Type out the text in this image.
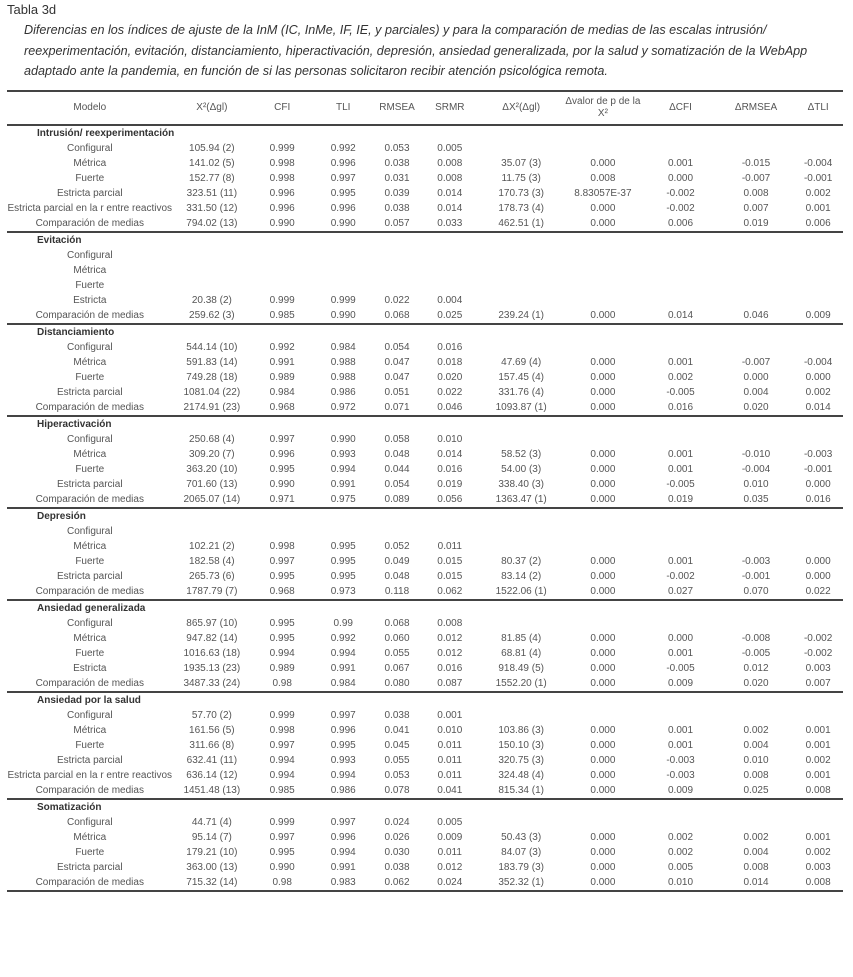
Tabla 3d
Diferencias en los índices de ajuste de la InM (IC, InMe, IF, IE, y parciales) y para la comparación de medias de las escalas intrusión/ reexperimentación, evitación, distanciamiento, hiperactivación, depresión, ansiedad generalizada, por la salud y somatización de la WebApp adaptado ante la pandemia, en función de si las personas solicitaron recibir atención psicológica remota.
Modelo	X²(Δgl)	CFI	TLI	RMSEA	SRMR	ΔX²(Δgl)	Δvalor de p de la X²	ΔCFI	ΔRMSEA	ΔTLI
Intrusión/ reexperimentación										
Configural	105.94 (2)	0.999	0.992	0.053	0.005					
Métrica	141.02 (5)	0.998	0.996	0.038	0.008	35.07 (3)	0.000	0.001	-0.015	-0.004
Fuerte	152.77 (8)	0.998	0.997	0.031	0.008	11.75 (3)	0.008	0.000	-0.007	-0.001
Estricta parcial	323.51 (11)	0.996	0.995	0.039	0.014	170.73 (3)	8.83057E-37	-0.002	0.008	0.002
Estricta parcial en la r entre reactivos	331.50 (12)	0.996	0.996	0.038	0.014	178.73 (4)	0.000	-0.002	0.007	0.001
Comparación de medias	794.02 (13)	0.990	0.990	0.057	0.033	462.51 (1)	0.000	0.006	0.019	0.006
Evitación										
Configural										
Métrica										
Fuerte										
Estricta	20.38 (2)	0.999	0.999	0.022	0.004					
Comparación de medias	259.62 (3)	0.985	0.990	0.068	0.025	239.24 (1)	0.000	0.014	0.046	0.009
Distanciamiento										
Configural	544.14 (10)	0.992	0.984	0.054	0.016					
Métrica	591.83 (14)	0.991	0.988	0.047	0.018	47.69 (4)	0.000	0.001	-0.007	-0.004
Fuerte	749.28 (18)	0.989	0.988	0.047	0.020	157.45 (4)	0.000	0.002	0.000	0.000
Estricta parcial	1081.04 (22)	0.984	0.986	0.051	0.022	331.76 (4)	0.000	-0.005	0.004	0.002
Comparación de medias	2174.91 (23)	0.968	0.972	0.071	0.046	1093.87 (1)	0.000	0.016	0.020	0.014
Hiperactivación										
Configural	250.68 (4)	0.997	0.990	0.058	0.010					
Métrica	309.20 (7)	0.996	0.993	0.048	0.014	58.52 (3)	0.000	0.001	-0.010	-0.003
Fuerte	363.20 (10)	0.995	0.994	0.044	0.016	54.00 (3)	0.000	0.001	-0.004	-0.001
Estricta parcial	701.60 (13)	0.990	0.991	0.054	0.019	338.40 (3)	0.000	-0.005	0.010	0.000
Comparación de medias	2065.07 (14)	0.971	0.975	0.089	0.056	1363.47 (1)	0.000	0.019	0.035	0.016
Depresión										
Configural										
Métrica	102.21 (2)	0.998	0.995	0.052	0.011					
Fuerte	182.58 (4)	0.997	0.995	0.049	0.015	80.37 (2)	0.000	0.001	-0.003	0.000
Estricta parcial	265.73 (6)	0.995	0.995	0.048	0.015	83.14 (2)	0.000	-0.002	-0.001	0.000
Comparación de medias	1787.79 (7)	0.968	0.973	0.118	0.062	1522.06 (1)	0.000	0.027	0.070	0.022
Ansiedad generalizada										
Configural	865.97 (10)	0.995	0.99	0.068	0.008					
Métrica	947.82 (14)	0.995	0.992	0.060	0.012	81.85 (4)	0.000	0.000	-0.008	-0.002
Fuerte	1016.63 (18)	0.994	0.994	0.055	0.012	68.81 (4)	0.000	0.001	-0.005	-0.002
Estricta	1935.13 (23)	0.989	0.991	0.067	0.016	918.49 (5)	0.000	-0.005	0.012	0.003
Comparación de medias	3487.33 (24)	0.98	0.984	0.080	0.087	1552.20 (1)	0.000	0.009	0.020	0.007
Ansiedad por la salud										
Configural	57.70 (2)	0.999	0.997	0.038	0.001					
Métrica	161.56 (5)	0.998	0.996	0.041	0.010	103.86 (3)	0.000	0.001	0.002	0.001
Fuerte	311.66 (8)	0.997	0.995	0.045	0.011	150.10 (3)	0.000	0.001	0.004	0.001
Estricta parcial	632.41 (11)	0.994	0.993	0.055	0.011	320.75 (3)	0.000	-0.003	0.010	0.002
Estricta parcial en la r entre reactivos	636.14 (12)	0.994	0.994	0.053	0.011	324.48 (4)	0.000	-0.003	0.008	0.001
Comparación de medias	1451.48 (13)	0.985	0.986	0.078	0.041	815.34 (1)	0.000	0.009	0.025	0.008
Somatización										
Configural	44.71 (4)	0.999	0.997	0.024	0.005					
Métrica	95.14 (7)	0.997	0.996	0.026	0.009	50.43 (3)	0.000	0.002	0.002	0.001
Fuerte	179.21 (10)	0.995	0.994	0.030	0.011	84.07 (3)	0.000	0.002	0.004	0.002
Estricta parcial	363.00 (13)	0.990	0.991	0.038	0.012	183.79 (3)	0.000	0.005	0.008	0.003
Comparación de medias	715.32 (14)	0.98	0.983	0.062	0.024	352.32 (1)	0.000	0.010	0.014	0.008
